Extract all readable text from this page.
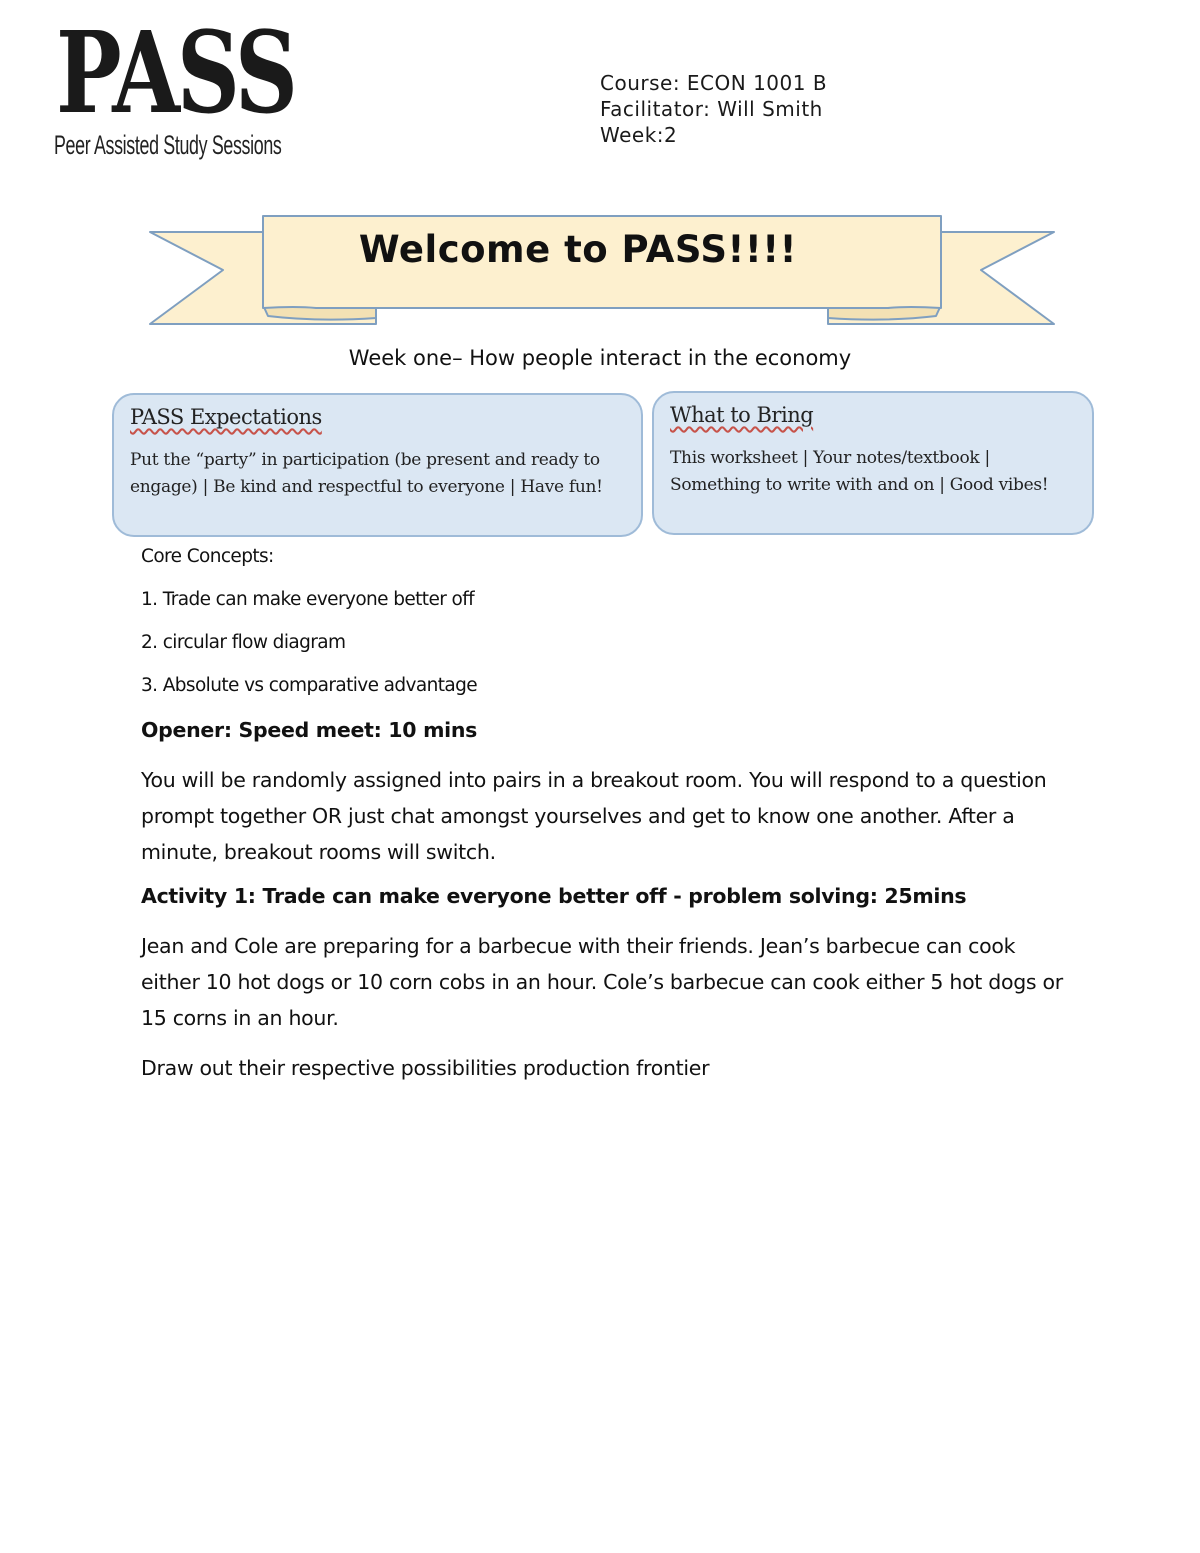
PASS
Peer Assisted Study Sessions
Course: ECON 1001 B
Facilitator: Will Smith
Week:2
Welcome to PASS!!!!
Week one– How people interact in the economy
PASS Expectations
Put the “party” in participation (be present and ready to engage) | Be kind and respectful to everyone | Have fun!
What to Bring
This worksheet | Your notes/textbook | Something to write with and on | Good vibes!

Core Concepts:

1. Trade can make everyone better off

2. circular flow diagram

3. Absolute vs comparative advantage

Opener: Speed meet: 10 mins

You will be randomly assigned into pairs in a breakout room. You will respond to a question prompt together OR just chat amongst yourselves and get to know one another. After a minute, breakout rooms will switch.

Activity 1: Trade can make everyone better off - problem solving: 25mins

Jean and Cole are preparing for a barbecue with their friends. Jean’s barbecue can cook either 10 hot dogs or 10 corn cobs in an hour. Cole’s barbecue can cook either 5 hot dogs or 15 corns in an hour.

Draw out their respective possibilities production frontier
